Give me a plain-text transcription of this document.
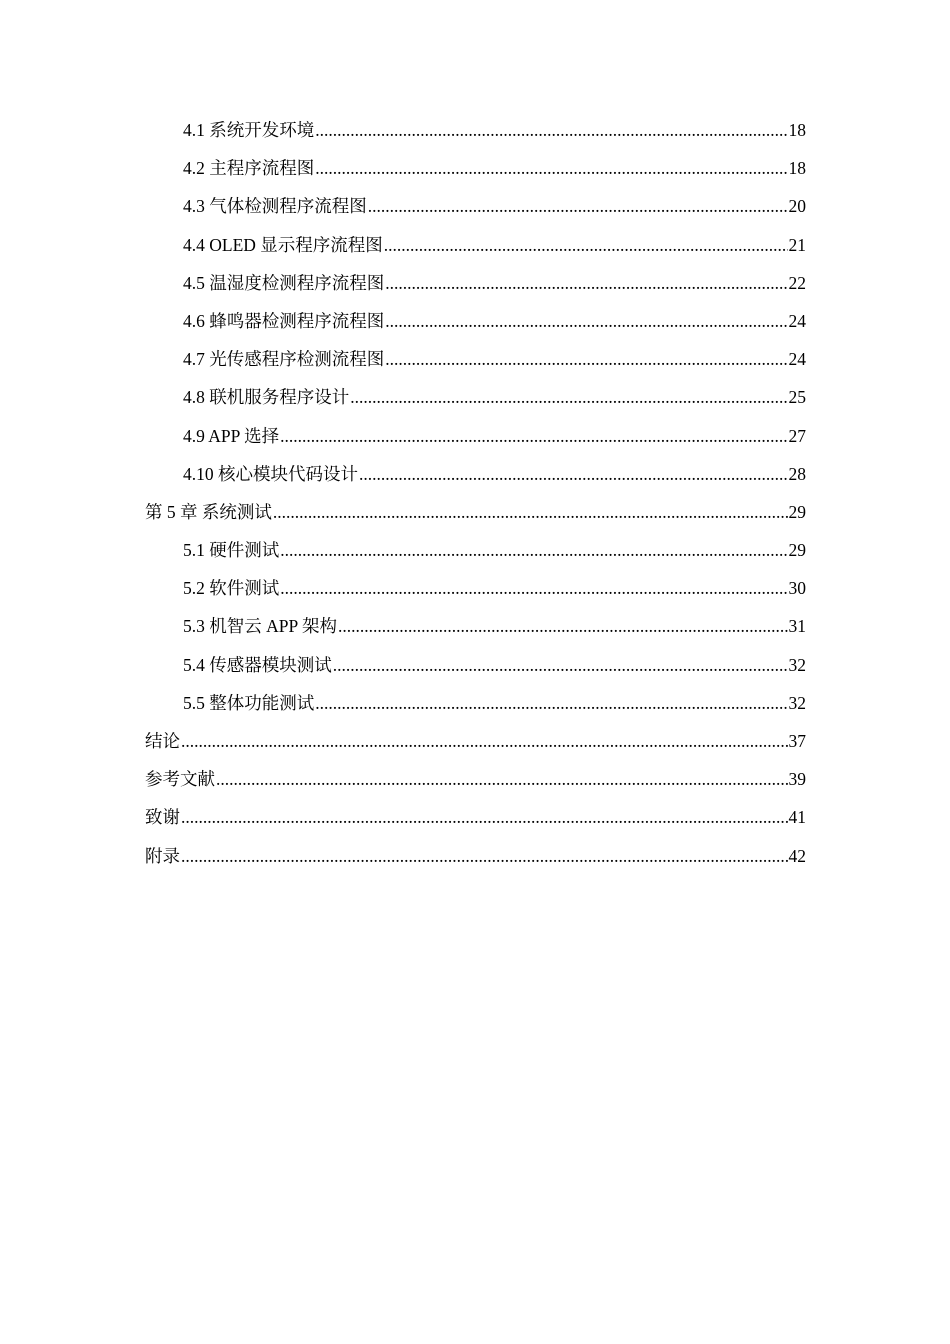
4.1 系统开发环境 .....	18
4.2 主程序流程图 .....	18
4.3 气体检测程序流程图 .....	20
4.4 OLED 显示程序流程图 .....	21
4.5 温湿度检测程序流程图 .....	22
4.6 蜂鸣器检测程序流程图 .....	24
4.7 光传感程序检测流程图 .....	24
4.8 联机服务程序设计 .....	25
4.9 APP 选择 .....	27
4.10 核心模块代码设计 .....	28
第 5 章 系统测试 .....	29
5.1 硬件测试 .....	29
5.2 软件测试 .....	30
5.3 机智云 APP 架构 .....	31
5.4 传感器模块测试 .....	32
5.5 整体功能测试 .....	32
结论 .....	37
参考文献 .....	39
致谢 .....	41
附录 .....	42
